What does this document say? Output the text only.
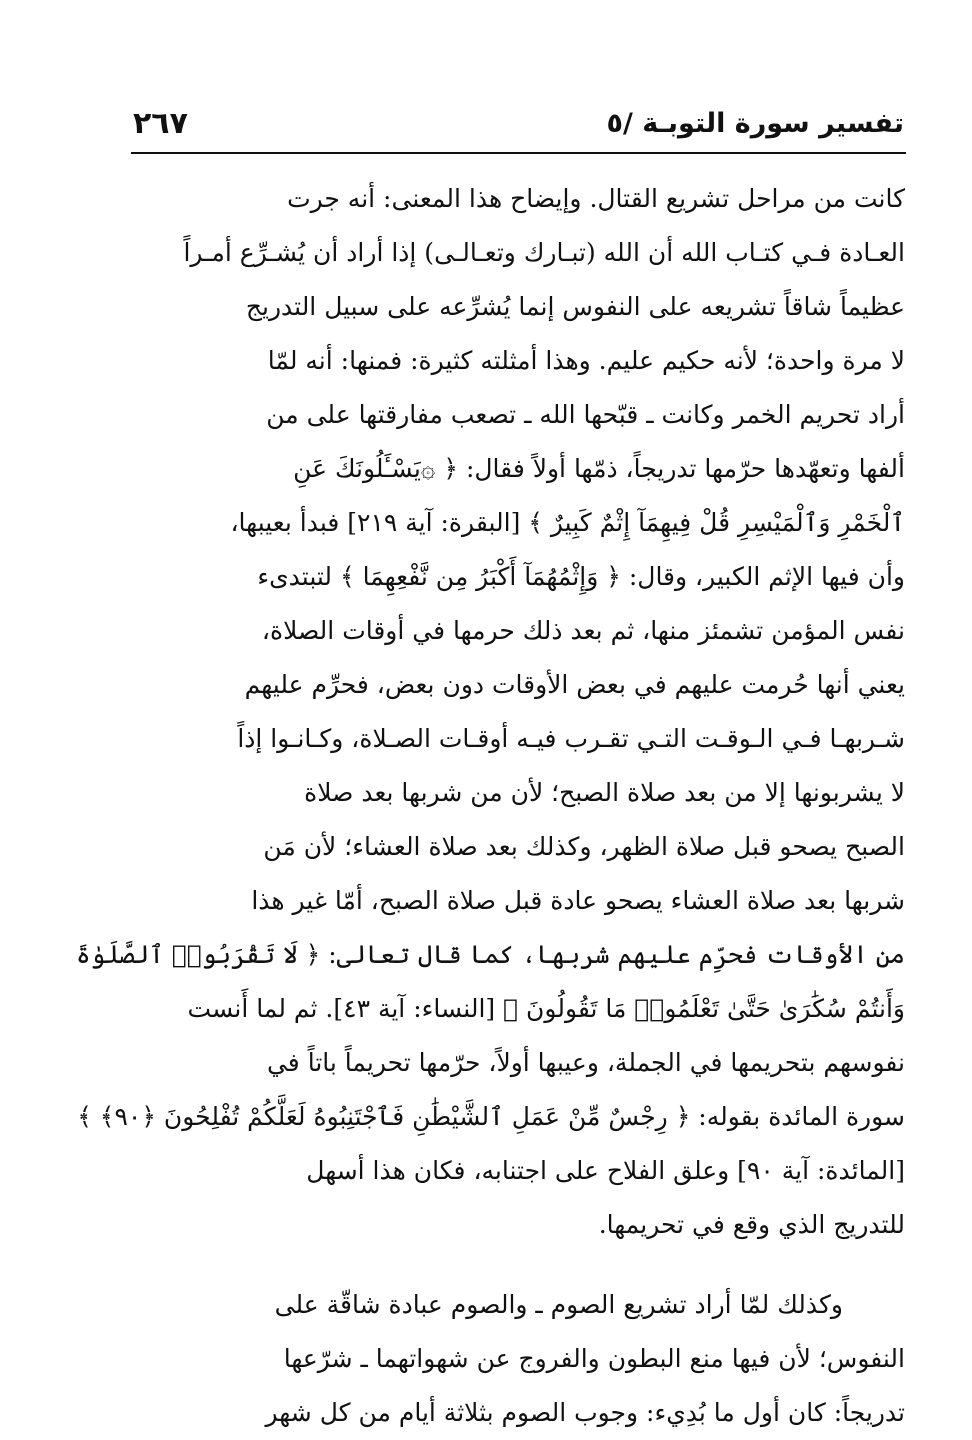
تفسير سورة التوبـة /٥
٢٦٧
كانت من مراحل تشريع القتال. وإيضاح هذا المعنى: أنه جرت
العـادة فـي كتـاب الله أن الله (تبـارك وتعـالـى) إذا أراد أن يُشـرِّع أمـراً
عظيماً شاقاً تشريعه على النفوس إنما يُشرِّعه على سبيل التدريج
لا مرة واحدة؛ لأنه حكيم عليم. وهذا أمثلته كثيرة: فمنها: أنه لمّا
أراد تحريم الخمر وكانت ـ قبّحها الله ـ تصعب مفارقتها على من
ألفها وتعهّدها حرّمها تدريجاً، ذمّها أولاً فقال: ﴿ ۞يَسْـَٔلُونَكَ عَنِ
ٱلْخَمْرِ وَٱلْمَيْسِرِ قُلْ فِيهِمَآ إِثْمٌ كَبِيرٌ ﴾ [البقرة: آية ٢١٩] فبدأ بعيبها،
وأن فيها الإثم الكبير، وقال: ﴿ وَإِثْمُهُمَآ أَكْبَرُ مِن نَّفْعِهِمَا ﴾ لتبتدىء
نفس المؤمن تشمئز منها، ثم بعد ذلك حرمها في أوقات الصلاة،
يعني أنها حُرمت عليهم في بعض الأوقات دون بعض، فحرِّم عليهم
شـربهـا فـي الـوقـت التـي تقـرب فيـه أوقـات الصـلاة، وكـانـوا إذاً
لا يشربونها إلا من بعد صلاة الصبح؛ لأن من شربها بعد صلاة
الصبح يصحو قبل صلاة الظهر، وكذلك بعد صلاة العشاء؛ لأن مَن
شربها بعد صلاة العشاء يصحو عادة قبل صلاة الصبح، أمّا غير هذا
من الأوقات فحرِّم عليهم شربها، كما قال تعالى: ﴿ لَا تَقْرَبُوا۟ ٱلصَّلَوٰةَ
وَأَنتُمْ سُكَٰرَىٰ حَتَّىٰ تَعْلَمُوا۟ مَا تَقُولُونَ ﴾ [النساء: آية ٤٣]. ثم لما أَنست
نفوسهم بتحريمها في الجملة، وعيبها أولاً، حرّمها تحريماً باتاً في
سورة المائدة بقوله: ﴿ رِجْسٌ مِّنْ عَمَلِ ٱلشَّيْطَٰنِ فَٱجْتَنِبُوهُ لَعَلَّكُمْ تُفْلِحُونَ ﴿٩٠﴾ ﴾
[المائدة: آية ٩٠] وعلق الفلاح على اجتنابه، فكان هذا أسهل
للتدريج الذي وقع في تحريمها.
وكذلك لمّا أراد تشريع الصوم ـ والصوم عبادة شاقّة على
النفوس؛ لأن فيها منع البطون والفروج عن شهواتهما ـ شرّعها
تدريجاً: كان أول ما بُدِيء: وجوب الصوم بثلاثة أيام من كل شهر
